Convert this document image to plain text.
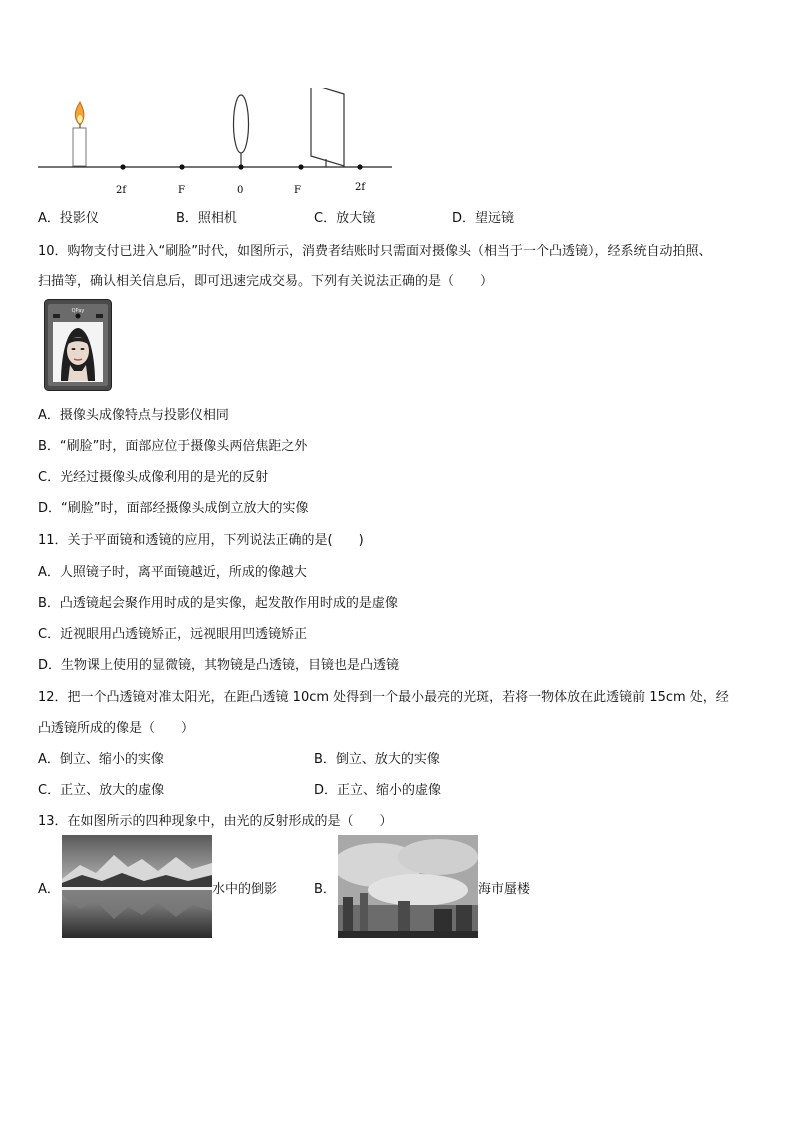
2f	F	0	F	2f
A．投影仪	B．照相机	C．放大镜	D．望远镜
10．购物支付已进入“刷脸”时代，如图所示，消费者结账时只需面对摄像头（相当于一个凸透镜），经系统自动拍照、
扫描等，确认相关信息后，即可迅速完成交易。下列有关说法正确的是（　　）
QPay
A．摄像头成像特点与投影仪相同
B．“刷脸”时，面部应位于摄像头两倍焦距之外
C．光经过摄像头成像利用的是光的反射
D．“刷脸”时，面部经摄像头成倒立放大的实像
11．关于平面镜和透镜的应用，下列说法正确的是(　　)
A．人照镜子时，离平面镜越近，所成的像越大
B．凸透镜起会聚作用时成的是实像，起发散作用时成的是虚像
C．近视眼用凸透镜矫正，远视眼用凹透镜矫正
D．生物课上使用的显微镜，其物镜是凸透镜，目镜也是凸透镜
12．把一个凸透镜对准太阳光，在距凸透镜 10cm 处得到一个最小最亮的光斑，若将一物体放在此透镜前 15cm 处，经
凸透镜所成的像是（　　）
A．倒立、缩小的实像	B．倒立、放大的实像
C．正立、放大的虚像	D．正立、缩小的虚像
13．在如图所示的四种现象中，由光的反射形成的是（　　）
A．	水中的倒影	B．	海市蜃楼
